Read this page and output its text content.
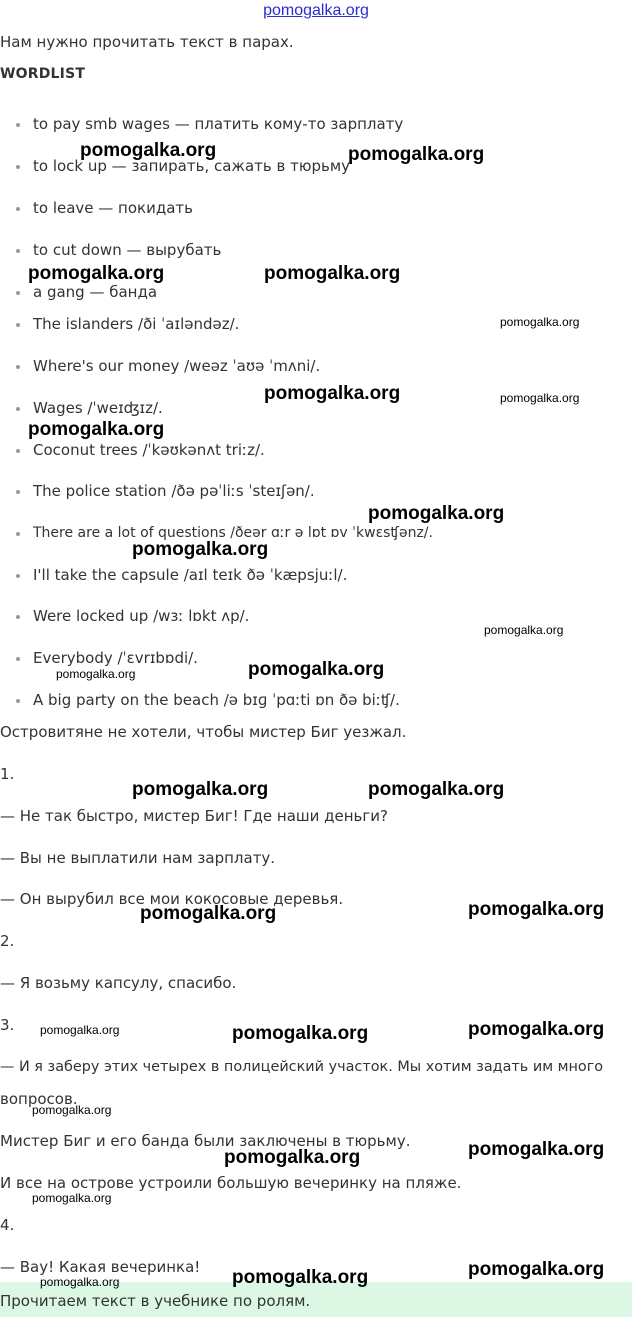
pomogalka.org
Нам нужно прочитать текст в парах.
WORDLIST
to pay smb wages — платить кому-то зарплату
to lock up — запирать, сажать в тюрьму
to leave — покидать
to cut down — вырубать
a gang — банда
The islanders /ði ˈaɪləndəz/.
Where's our money /weəz ˈaʊə ˈmʌni/.
Wages /ˈweɪʤɪz/.
Coconut trees /ˈkəʊkənʌt triːz/.
The police station /ðə pəˈliːs ˈsteɪʃən/.
There are a lot of questions /ðeər ɑːr ə lɒt ɒv ˈkwɛsʧənz/.
I'll take the capsule /aɪl teɪk ðə ˈkæpsjuːl/.
Were locked up /wɜː lɒkt ʌp/.
Everybody /ˈɛvrɪbɒdi/.
A big party on the beach /ə bɪɡ ˈpɑːti ɒn ðə biːʧ/.
Островитяне не хотели, чтобы мистер Биг уезжал.
1.
— Не так быстро, мистер Биг! Где наши деньги?
— Вы не выплатили нам зарплату.
— Он вырубил все мои кокосовые деревья.
2.
— Я возьму капсулу, спасибо.
3.
— И я заберу этих четырех в полицейский участок. Мы хотим задать им много
вопросов.
Мистер Биг и его банда были заключены в тюрьму.
И все на острове устроили большую вечеринку на пляже.
4.
— Вау! Какая вечеринка!
Прочитаем текст в учебнике по ролям.
pomogalka.org	pomogalka.org
pomogalka.org	pomogalka.org
pomogalka.org
pomogalka.org	pomogalka.org
pomogalka.org
pomogalka.org
pomogalka.org
pomogalka.org
pomogalka.org
pomogalka.org
pomogalka.org	pomogalka.org
pomogalka.org
pomogalka.org
pomogalka.org	pomogalka.org
pomogalka.org
pomogalka.org
pomogalka.org
pomogalka.org
pomogalka.org
pomogalka.org
pomogalka.org
pomogalka.org
